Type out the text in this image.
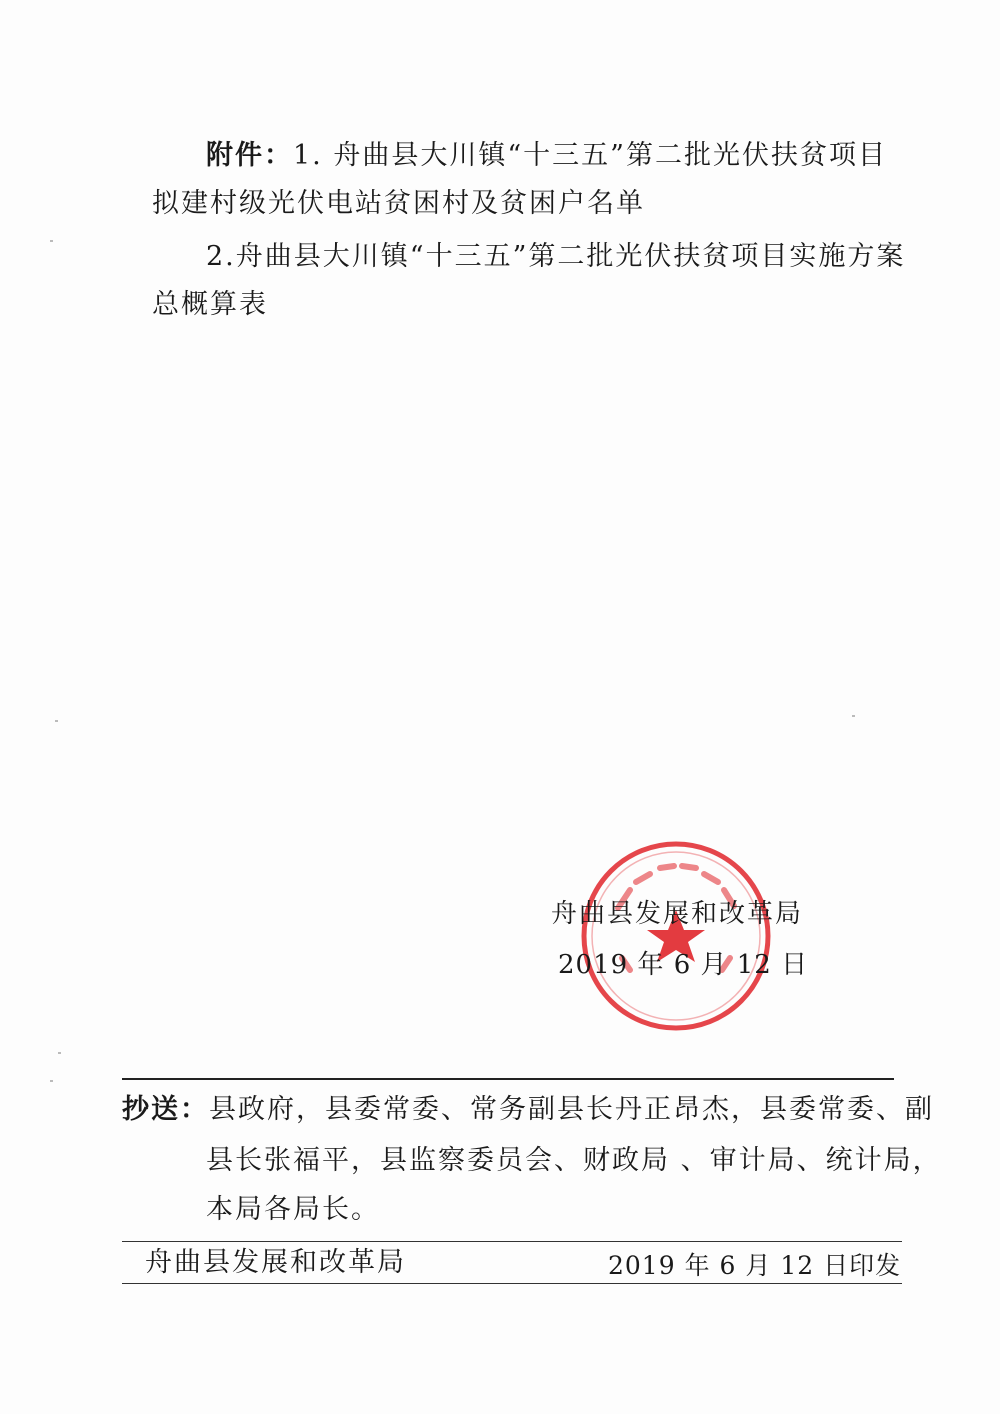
附件：1. 舟曲县大川镇“十三五”第二批光伏扶贫项目
拟建村级光伏电站贫困村及贫困户名单
2.舟曲县大川镇“十三五”第二批光伏扶贫项目实施方案
总概算表
舟曲县发展和改革局
2019 年 6 月 12 日
抄送：县政府，县委常委、常务副县长丹正昂杰，县委常委、副
县长张福平，县监察委员会、财政局 、审计局、统计局，
本局各局长。
舟曲县发展和改革局	2019 年 6 月 12 日印发
